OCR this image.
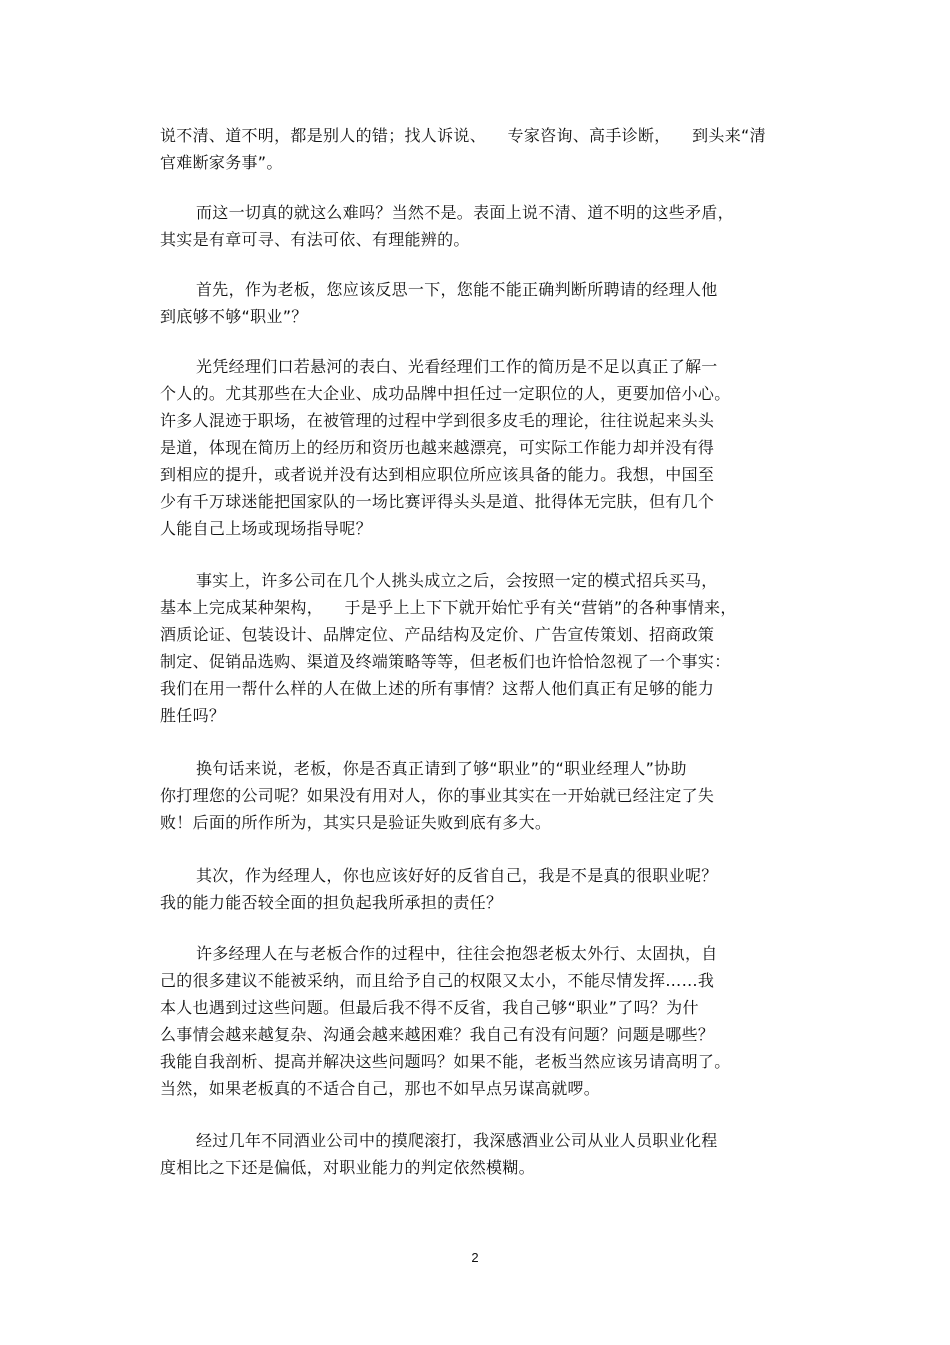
说不清、道不明，都是别人的错；找人诉说、    专家咨询、高手诊断，    到头来“清
官难断家务事”。
而这一切真的就这么难吗？当然不是。表面上说不清、道不明的这些矛盾，
其实是有章可寻、有法可依、有理能辨的。
首先，作为老板，您应该反思一下，您能不能正确判断所聘请的经理人他
到底够不够“职业”？
光凭经理们口若悬河的表白、光看经理们工作的简历是不足以真正了解一
个人的。尤其那些在大企业、成功品牌中担任过一定职位的人，更要加倍小心。
许多人混迹于职场，在被管理的过程中学到很多皮毛的理论，往往说起来头头
是道，体现在简历上的经历和资历也越来越漂亮，可实际工作能力却并没有得
到相应的提升，或者说并没有达到相应职位所应该具备的能力。我想，中国至
少有千万球迷能把国家队的一场比赛评得头头是道、批得体无完肤，但有几个
人能自己上场或现场指导呢？
事实上，许多公司在几个人挑头成立之后，会按照一定的模式招兵买马，
基本上完成某种架构，    于是乎上上下下就开始忙乎有关“营销”的各种事情来，
酒质论证、包装设计、品牌定位、产品结构及定价、广告宣传策划、招商政策
制定、促销品选购、渠道及终端策略等等，但老板们也许恰恰忽视了一个事实：
我们在用一帮什么样的人在做上述的所有事情？这帮人他们真正有足够的能力
胜任吗？
换句话来说，老板，你是否真正请到了够“职业”的“职业经理人”协助
你打理您的公司呢？如果没有用对人，你的事业其实在一开始就已经注定了失
败！后面的所作所为，其实只是验证失败到底有多大。
其次，作为经理人，你也应该好好的反省自己，我是不是真的很职业呢？
我的能力能否较全面的担负起我所承担的责任？
许多经理人在与老板合作的过程中，往往会抱怨老板太外行、太固执，自
己的很多建议不能被采纳，而且给予自己的权限又太小，不能尽情发挥……我
本人也遇到过这些问题。但最后我不得不反省，我自己够“职业”了吗？为什
么事情会越来越复杂、沟通会越来越困难？我自己有没有问题？问题是哪些？
我能自我剖析、提高并解决这些问题吗？如果不能，老板当然应该另请高明了。
当然，如果老板真的不适合自己，那也不如早点另谋高就啰。
经过几年不同酒业公司中的摸爬滚打，我深感酒业公司从业人员职业化程
度相比之下还是偏低，对职业能力的判定依然模糊。
2
